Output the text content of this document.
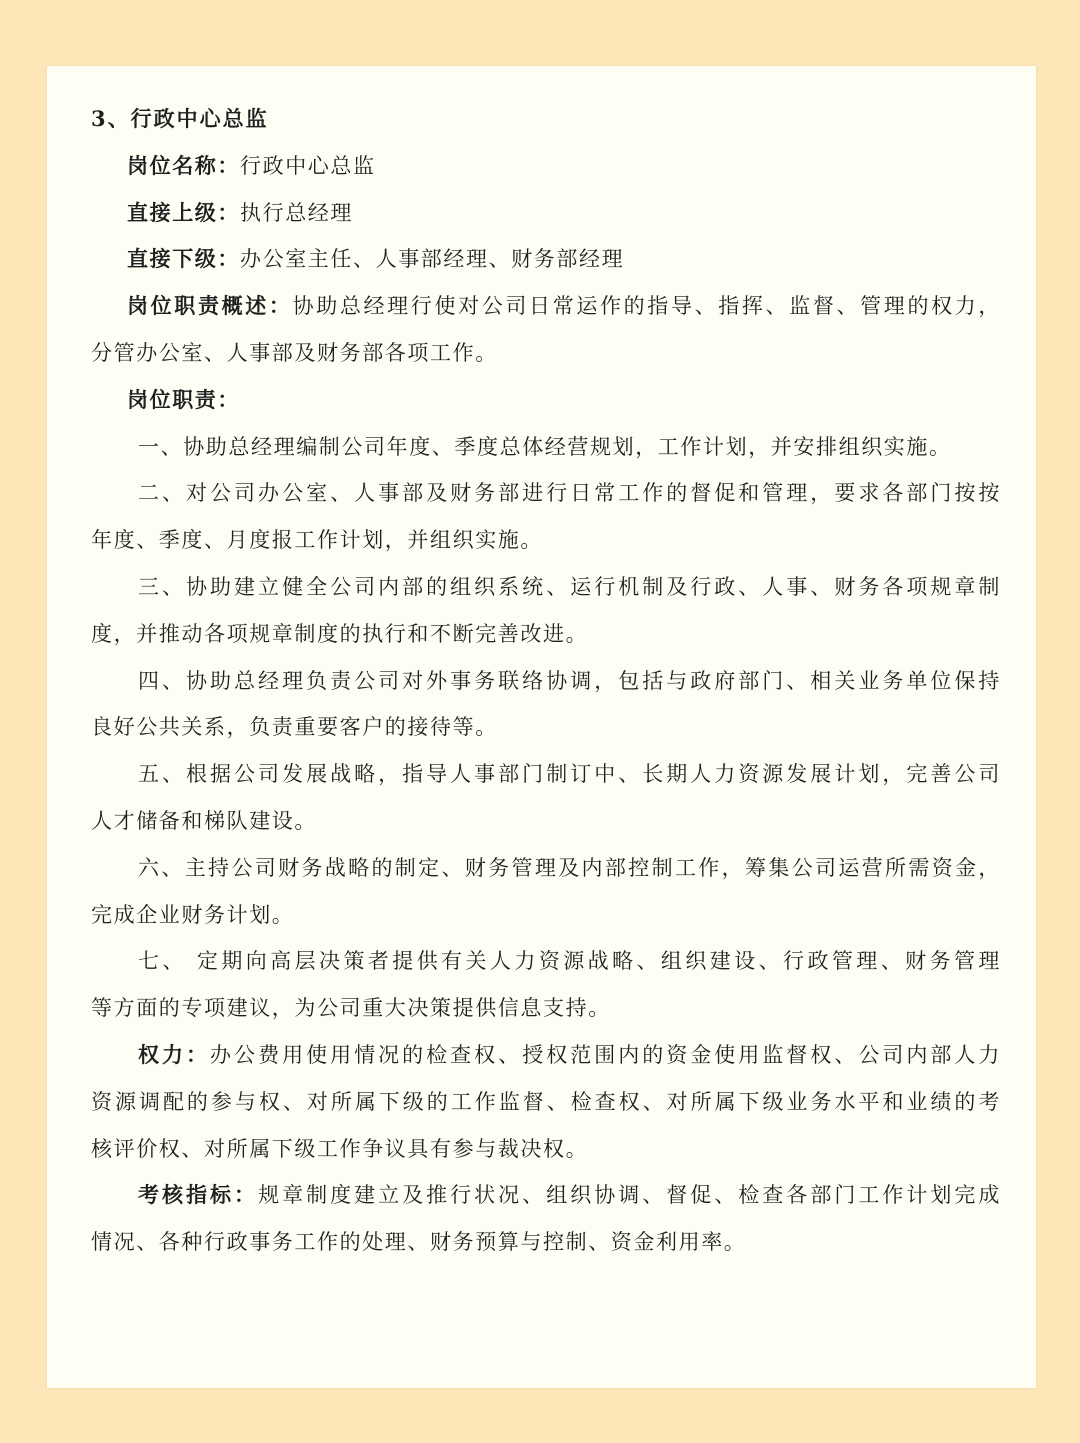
3、行政中心总监
岗位名称：行政中心总监
直接上级：执行总经理
直接下级：办公室主任、人事部经理、财务部经理
岗位职责概述：协助总经理行使对公司日常运作的指导、指挥、监督、管理的权力，
分管办公室、人事部及财务部各项工作。
岗位职责：
一、协助总经理编制公司年度、季度总体经营规划，工作计划，并安排组织实施。
二、对公司办公室、人事部及财务部进行日常工作的督促和管理，要求各部门按按
年度、季度、月度报工作计划，并组织实施。
三、协助建立健全公司内部的组织系统、运行机制及行政、人事、财务各项规章制
度，并推动各项规章制度的执行和不断完善改进。
四、协助总经理负责公司对外事务联络协调，包括与政府部门、相关业务单位保持
良好公共关系，负责重要客户的接待等。
五、根据公司发展战略，指导人事部门制订中、长期人力资源发展计划，完善公司
人才储备和梯队建设。
六、主持公司财务战略的制定、财务管理及内部控制工作，筹集公司运营所需资金，
完成企业财务计划。
七、 定期向高层决策者提供有关人力资源战略、组织建设、行政管理、财务管理
等方面的专项建议，为公司重大决策提供信息支持。
权力：办公费用使用情况的检查权、授权范围内的资金使用监督权、公司内部人力
资源调配的参与权、对所属下级的工作监督、检查权、对所属下级业务水平和业绩的考
核评价权、对所属下级工作争议具有参与裁决权。
考核指标：规章制度建立及推行状况、组织协调、督促、检查各部门工作计划完成
情况、各种行政事务工作的处理、财务预算与控制、资金利用率。
